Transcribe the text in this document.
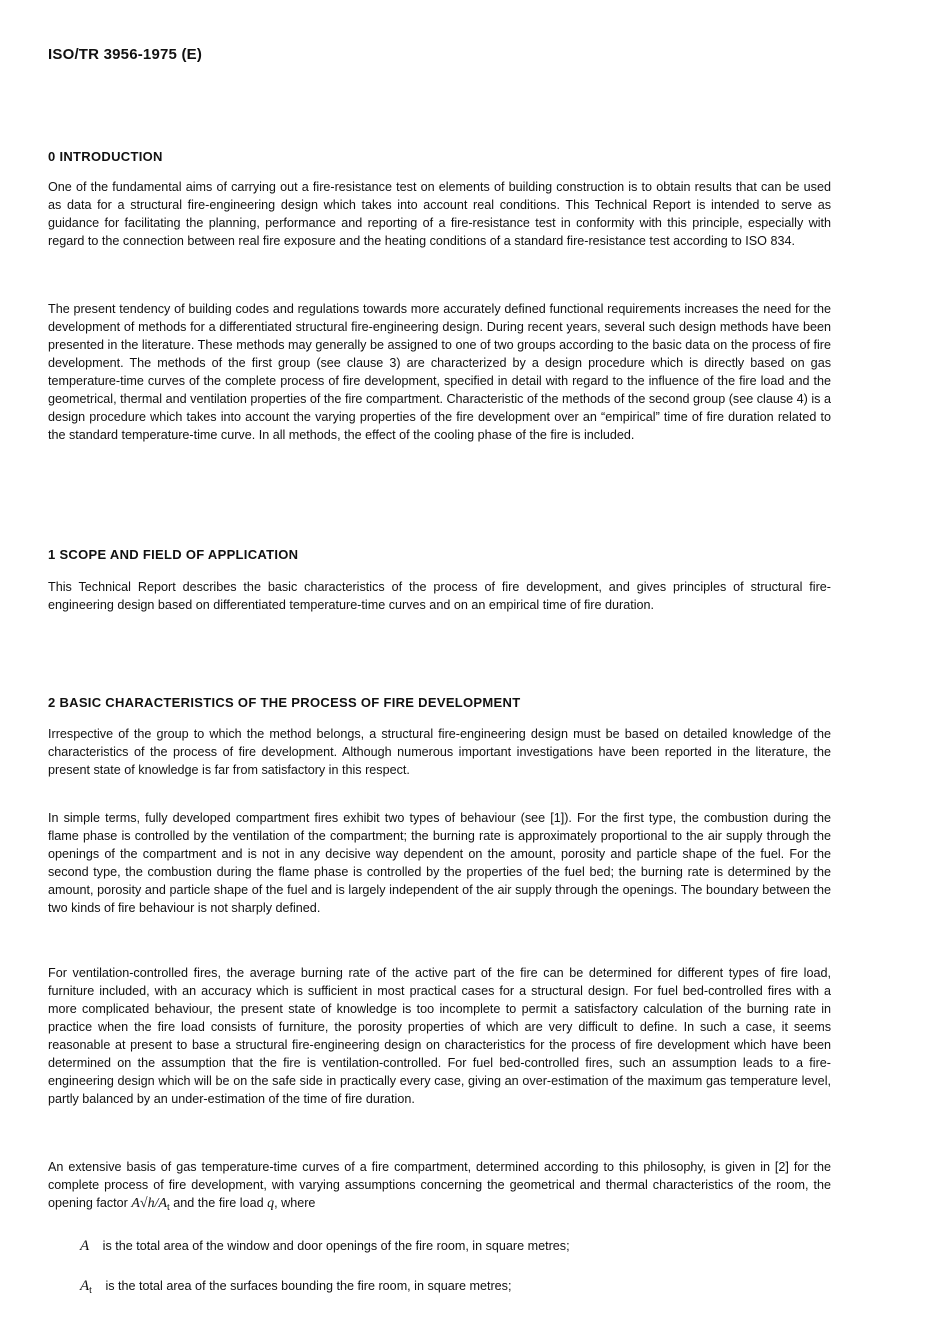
ISO/TR 3956-1975 (E)
0 INTRODUCTION

One of the fundamental aims of carrying out a fire-resistance test on elements of building construction is to obtain results that can be used as data for a structural fire-engineering design which takes into account real conditions. This Technical Report is intended to serve as guidance for facilitating the planning, performance and reporting of a fire-resistance test in conformity with this principle, especially with regard to the connection between real fire exposure and the heating conditions of a standard fire-resistance test according to ISO 834.

The present tendency of building codes and regulations towards more accurately defined functional requirements increases the need for the development of methods for a differentiated structural fire-engineering design. During recent years, several such design methods have been presented in the literature. These methods may generally be assigned to one of two groups according to the basic data on the process of fire development. The methods of the first group (see clause 3) are characterized by a design procedure which is directly based on gas temperature-time curves of the complete process of fire development, specified in detail with regard to the influence of the fire load and the geometrical, thermal and ventilation properties of the fire compartment. Characteristic of the methods of the second group (see clause 4) is a design procedure which takes into account the varying properties of the fire development over an “empirical” time of fire duration related to the standard temperature-time curve. In all methods, the effect of the cooling phase of the fire is included.

1 SCOPE AND FIELD OF APPLICATION

This Technical Report describes the basic characteristics of the process of fire development, and gives principles of structural fire-engineering design based on differentiated temperature-time curves and on an empirical time of fire duration.

2 BASIC CHARACTERISTICS OF THE PROCESS OF FIRE DEVELOPMENT

Irrespective of the group to which the method belongs, a structural fire-engineering design must be based on detailed knowledge of the characteristics of the process of fire development. Although numerous important investigations have been reported in the literature, the present state of knowledge is far from satisfactory in this respect.

In simple terms, fully developed compartment fires exhibit two types of behaviour (see [1]). For the first type, the combustion during the flame phase is controlled by the ventilation of the compartment; the burning rate is approximately proportional to the air supply through the openings of the compartment and is not in any decisive way dependent on the amount, porosity and particle shape of the fuel. For the second type, the combustion during the flame phase is controlled by the properties of the fuel bed; the burning rate is determined by the amount, porosity and particle shape of the fuel and is largely independent of the air supply through the openings. The boundary between the two kinds of fire behaviour is not sharply defined.

For ventilation-controlled fires, the average burning rate of the active part of the fire can be determined for different types of fire load, furniture included, with an accuracy which is sufficient in most practical cases for a structural design. For fuel bed-controlled fires with a more complicated behaviour, the present state of knowledge is too incomplete to permit a satisfactory calculation of the burning rate in practice when the fire load consists of furniture, the porosity properties of which are very difficult to define. In such a case, it seems reasonable at present to base a structural fire-engineering design on characteristics for the process of fire development which have been determined on the assumption that the fire is ventilation-controlled. For fuel bed-controlled fires, such an assumption leads to a fire-engineering design which will be on the safe side in practically every case, giving an over-estimation of the maximum gas temperature level, partly balanced by an under-estimation of the time of fire duration.

An extensive basis of gas temperature-time curves of a fire compartment, determined according to this philosophy, is given in [2] for the complete process of fire development, with varying assumptions concerning the geometrical and thermal characteristics of the room, the opening factor $A√h/A_t$ and the fire load q, where

A is the total area of the window and door openings of the fire room, in square metres;
$A_t$ is the total area of the surfaces bounding the fire room, in square metres;
